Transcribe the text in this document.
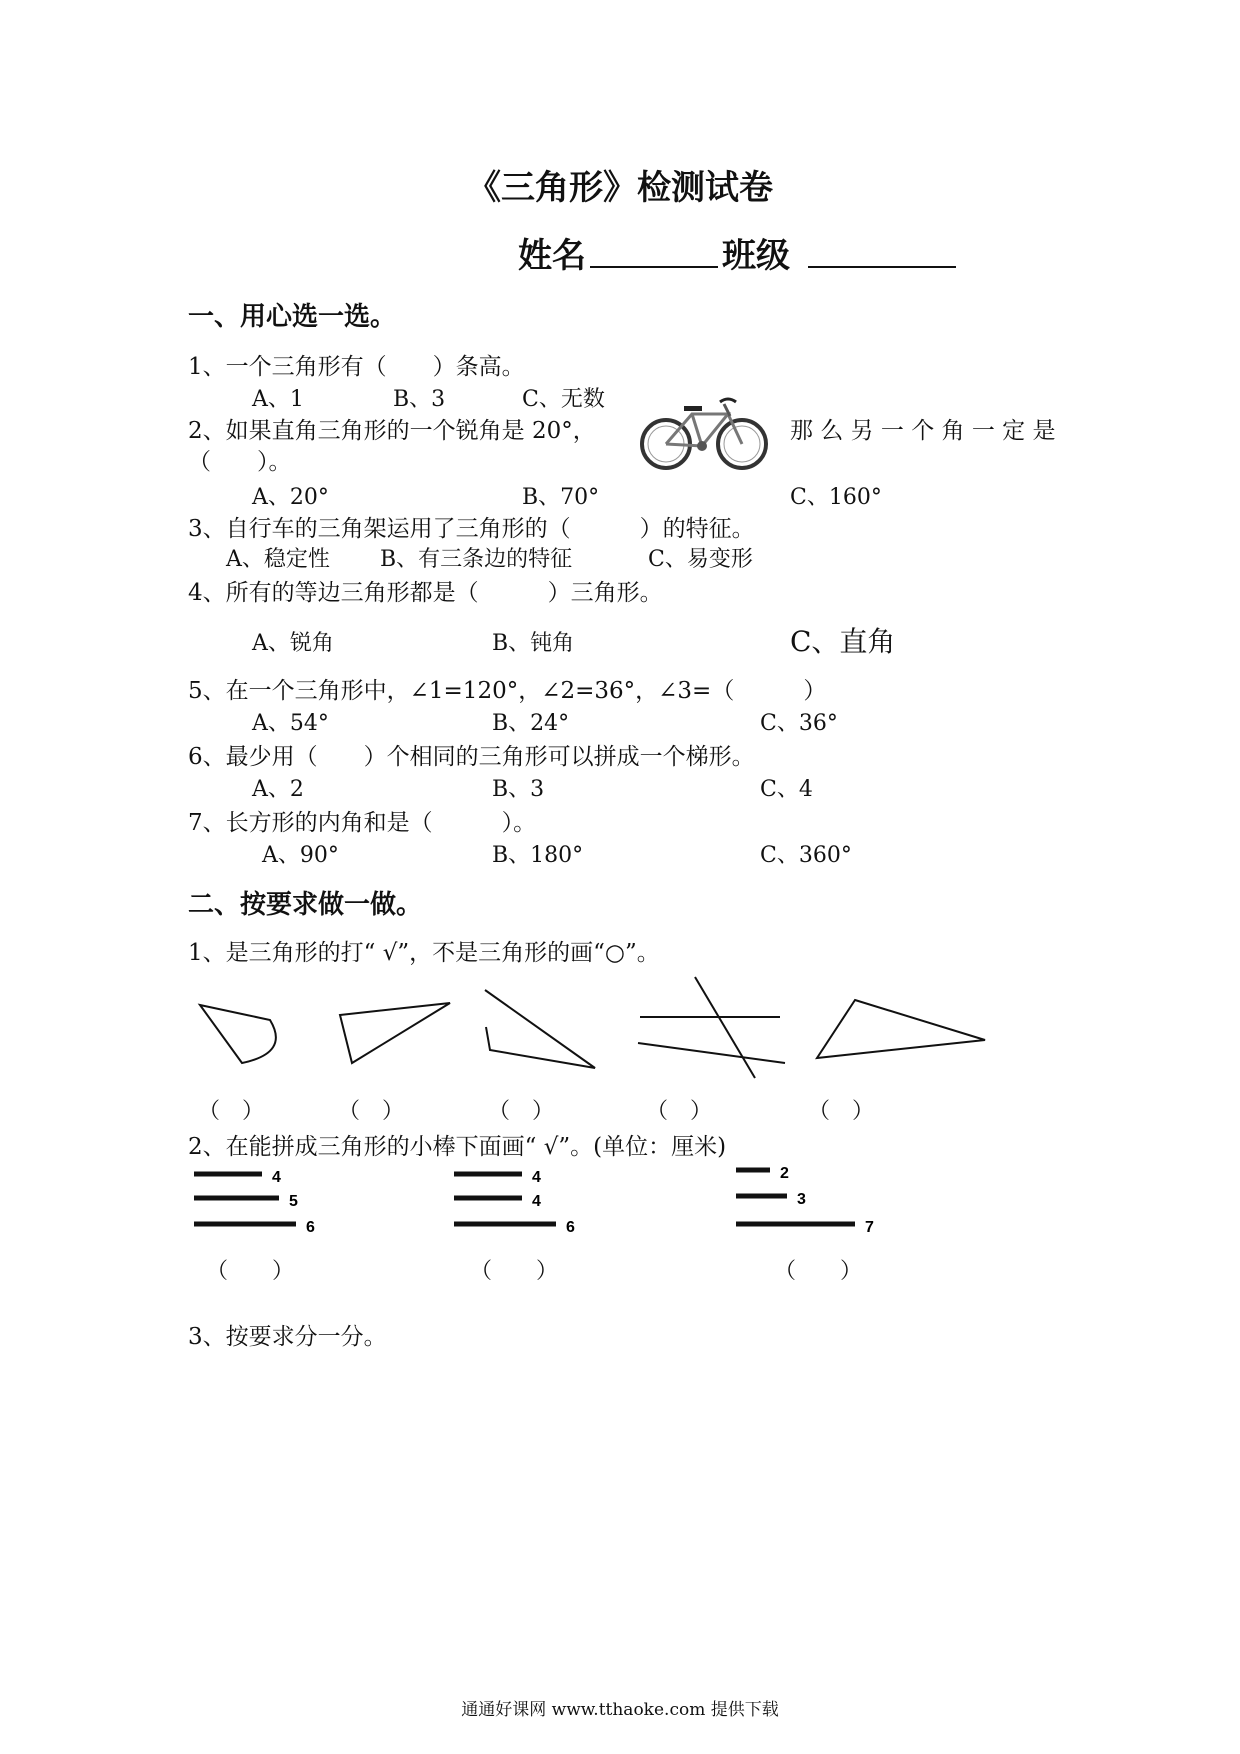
《三角形》检测试卷
姓名	班级
一、用心选一选。
1、一个三角形有（　　）条高。
A、1	B、3	C、无数
2、如果直角三角形的一个锐角是 20°，	那 么 另 一 个 角 一 定 是
（　　）。
A、20°	B、70°	C、160°
3、自行车的三角架运用了三角形的（　　　）的特征。
A、稳定性 B、有三条边的特征	C、易变形
4、所有的等边三角形都是（　　　）三角形。
A、锐角	B、钝角	C、直角
5、在一个三角形中，∠1=120°，∠2=36°，∠3=（　　　）
A、54°	B、24°	C、36°
6、最少用（　　）个相同的三角形可以拼成一个梯形。
A、2	B、3	C、4
7、长方形的内角和是（　　　）。
A、90°	B、180°	C、360°
二、按要求做一做。
1、是三角形的打“ √”，不是三角形的画“○”。
（　）	（　）	（　）	（　）	（　）
2、在能拼成三角形的小棒下面画“ √”。(单位：厘米)
4
5
6
4
4
6
2
3
7
（　　）	（　　）	（　　）
3、按要求分一分。
通通好课网 www.tthaoke.com 提供下载
